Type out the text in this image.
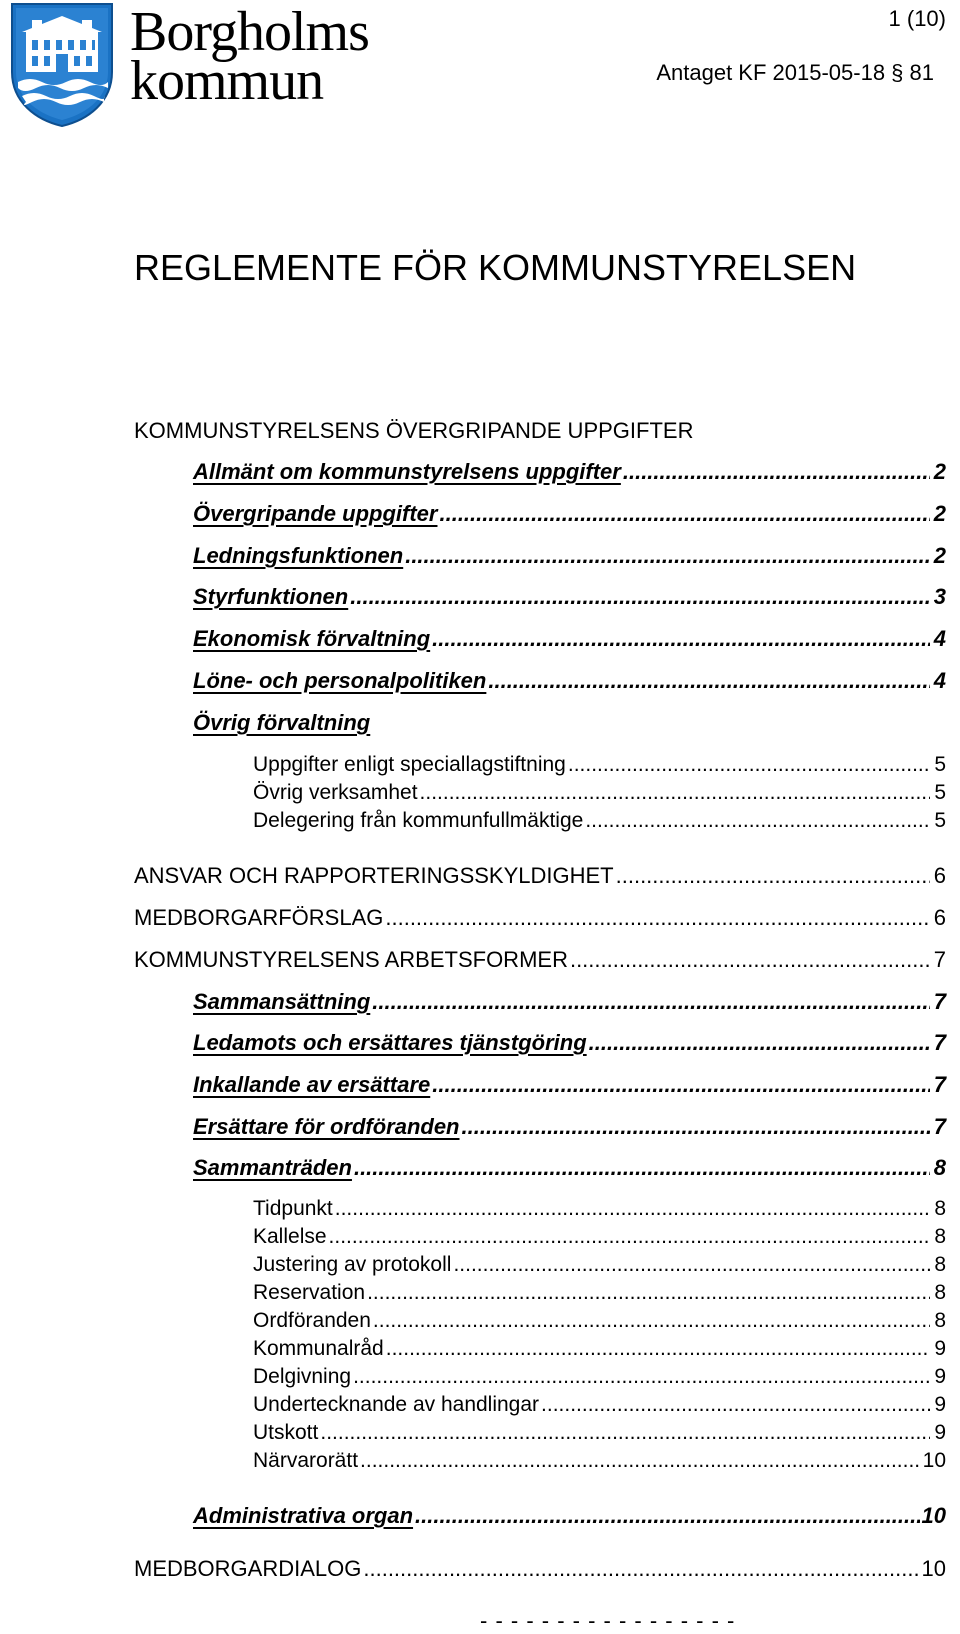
Borgholms
kommun
1 (10)
Antaget KF 2015-05-18 § 81
REGLEMENTE FÖR KOMMUNSTYRELSEN
KOMMUNSTYRELSENS ÖVERGRIPANDE UPPGIFTER
Allmänt om kommunstyrelsens uppgifter .....	2
Övergripande uppgifter .....	2
Ledningsfunktionen .....	2
Styrfunktionen .....	3
Ekonomisk förvaltning .....	4
Löne- och personalpolitiken .....	4
Övrig förvaltning
Uppgifter enligt speciallagstiftning .....	5
Övrig verksamhet .....	5
Delegering från kommunfullmäktige .....	5
ANSVAR OCH RAPPORTERINGSSKYLDIGHET .....	6
MEDBORGARFÖRSLAG .....	6
KOMMUNSTYRELSENS ARBETSFORMER .....	7
Sammansättning .....	7
Ledamots och ersättares tjänstgöring .....	7
Inkallande av ersättare .....	7
Ersättare för ordföranden .....	7
Sammanträden .....	8
Tidpunkt .....	8
Kallelse .....	8
Justering av protokoll .....	8
Reservation .....	8
Ordföranden .....	8
Kommunalråd .....	9
Delgivning .....	9
Undertecknande av handlingar .....	9
Utskott .....	9
Närvarorätt .....	10
Administrativa organ .....	10
MEDBORGARDIALOG .....	10
- - - - - - - - - - - - - - - - -
